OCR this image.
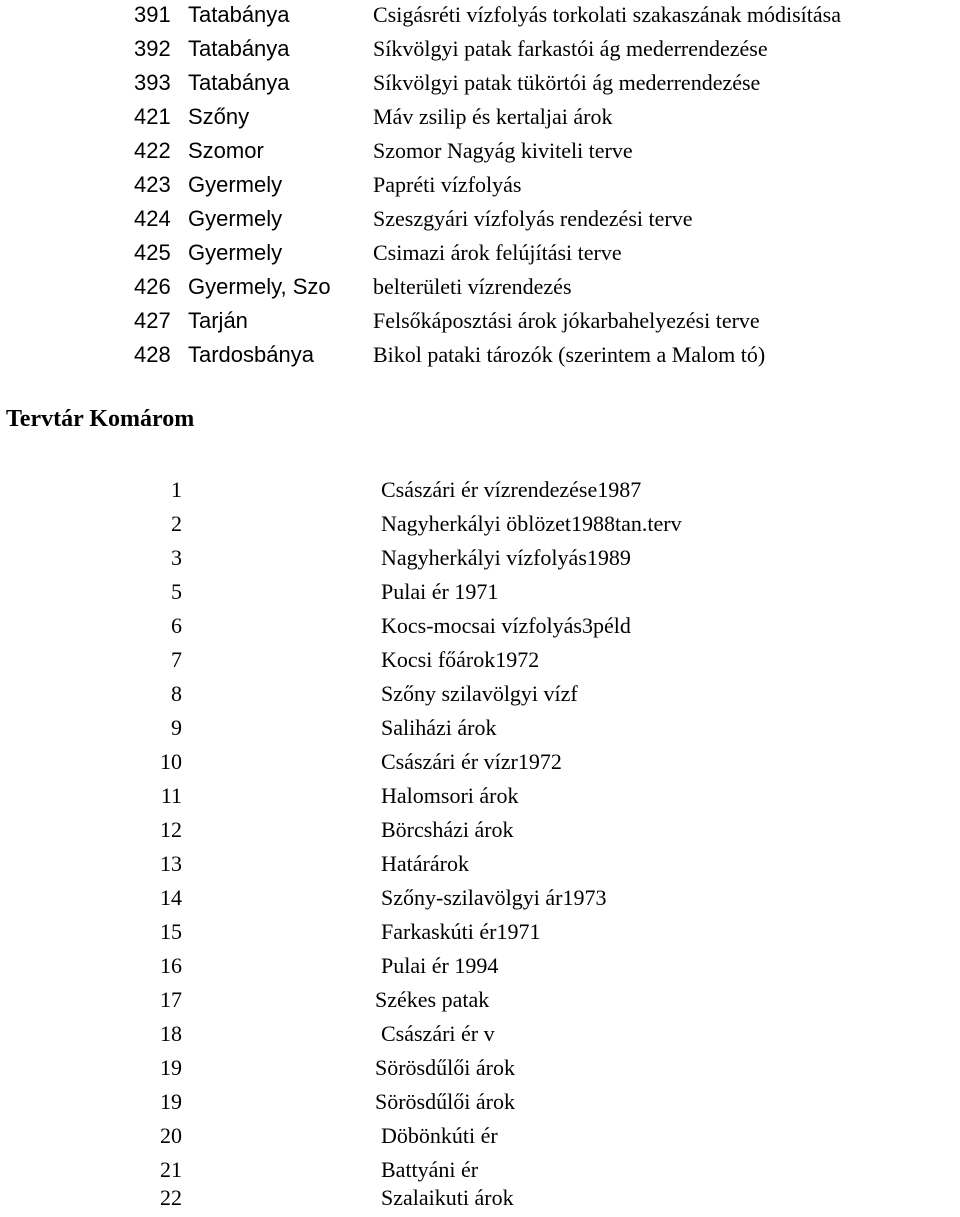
391 Tatabánya	Csigásréti vízfolyás torkolati szakaszának módisítása
392 Tatabánya	Síkvölgyi patak farkastói ág mederrendezése
393 Tatabánya	Síkvölgyi patak tükörtói ág mederrendezése
421 Szőny	Máv zsilip és kertaljai árok
422 Szomor	Szomor Nagyág kiviteli terve
423 Gyermely	Papréti vízfolyás
424 Gyermely	Szeszgyári vízfolyás rendezési terve
425 Gyermely	Csimazi árok felújítási terve
426 Gyermely, Szo	belterületi vízrendezés
427 Tarján	Felsőkáposztási árok jókarbahelyezési terve
428 Tardosbánya	Bikol pataki tározók (szerintem a Malom tó)
Tervtár Komárom
1	Császári ér vízrendezése1987
2	Nagyherkályi öblözet1988tan.terv
3	Nagyherkályi vízfolyás1989
5	Pulai ér 1971
6	Kocs-mocsai vízfolyás3péld
7	Kocsi főárok1972
8	Szőny szilavölgyi vízf
9	Saliházi árok
10	Császári ér vízr1972
11	Halomsori árok
12	Börcsházi árok
13	Határárok
14	Szőny-szilavölgyi ár1973
15	Farkaskúti ér1971
16	Pulai ér 1994
17	Székes patak
18	Császári ér v
19	Sörösdűlői árok
19	Sörösdűlői árok
20	Döbönkúti ér
21	Battyáni ér
22	Szalaikuti árok
